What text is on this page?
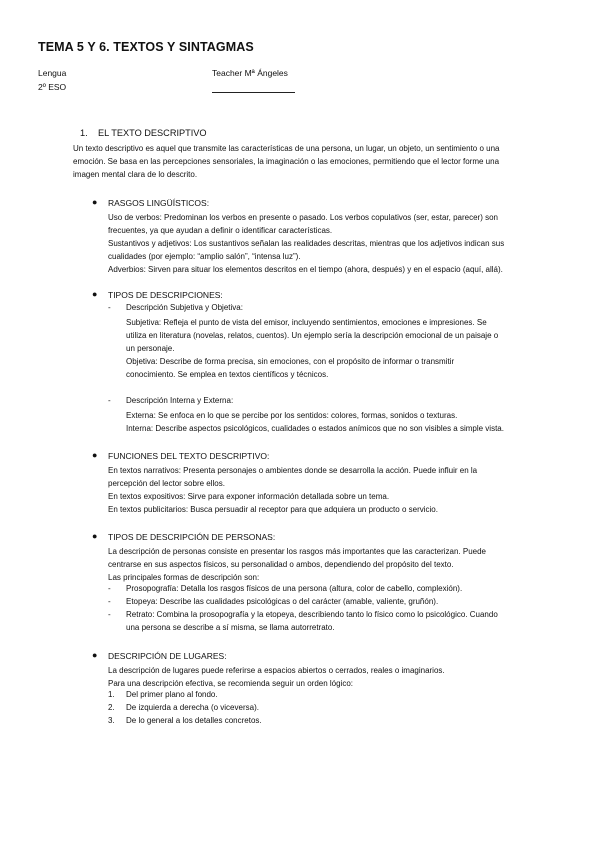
TEMA 5 Y 6. TEXTOS Y SINTAGMAS
Lengua	Teacher Mª Ángeles
2º ESO
1. EL TEXTO DESCRIPTIVO
Un texto descriptivo es aquel que transmite las características de una persona, un lugar, un objeto, un sentimiento o una
emoción. Se basa en las percepciones sensoriales, la imaginación o las emociones, permitiendo que el lector forme una
imagen mental clara de lo descrito.
● RASGOS LINGÜÍSTICOS:
Uso de verbos: Predominan los verbos en presente o pasado. Los verbos copulativos (ser, estar, parecer) son
frecuentes, ya que ayudan a definir o identificar características.
Sustantivos y adjetivos: Los sustantivos señalan las realidades descritas, mientras que los adjetivos indican sus
cualidades (por ejemplo: “amplio salón”, “intensa luz”).
Adverbios: Sirven para situar los elementos descritos en el tiempo (ahora, después) y en el espacio (aquí, allá).
● TIPOS DE DESCRIPCIONES:
- Descripción Subjetiva y Objetiva:
Subjetiva: Refleja el punto de vista del emisor, incluyendo sentimientos, emociones e impresiones. Se
utiliza en literatura (novelas, relatos, cuentos). Un ejemplo sería la descripción emocional de un paisaje o
un personaje.
Objetiva: Describe de forma precisa, sin emociones, con el propósito de informar o transmitir
conocimiento. Se emplea en textos científicos y técnicos.
- Descripción Interna y Externa:
Externa: Se enfoca en lo que se percibe por los sentidos: colores, formas, sonidos o texturas.
Interna: Describe aspectos psicológicos, cualidades o estados anímicos que no son visibles a simple vista.
● FUNCIONES DEL TEXTO DESCRIPTIVO:
En textos narrativos: Presenta personajes o ambientes donde se desarrolla la acción. Puede influir en la
percepción del lector sobre ellos.
En textos expositivos: Sirve para exponer información detallada sobre un tema.
En textos publicitarios: Busca persuadir al receptor para que adquiera un producto o servicio.
● TIPOS DE DESCRIPCIÓN DE PERSONAS:
La descripción de personas consiste en presentar los rasgos más importantes que las caracterizan. Puede
centrarse en sus aspectos físicos, su personalidad o ambos, dependiendo del propósito del texto.
Las principales formas de descripción son:
- Prosopografía: Detalla los rasgos físicos de una persona (altura, color de cabello, complexión).
- Etopeya: Describe las cualidades psicológicas o del carácter (amable, valiente, gruñón).
- Retrato: Combina la prosopografía y la etopeya, describiendo tanto lo físico como lo psicológico. Cuando
una persona se describe a sí misma, se llama autorretrato.
● DESCRIPCIÓN DE LUGARES:
La descripción de lugares puede referirse a espacios abiertos o cerrados, reales o imaginarios.
Para una descripción efectiva, se recomienda seguir un orden lógico:
1. Del primer plano al fondo.
2. De izquierda a derecha (o viceversa).
3. De lo general a los detalles concretos.
